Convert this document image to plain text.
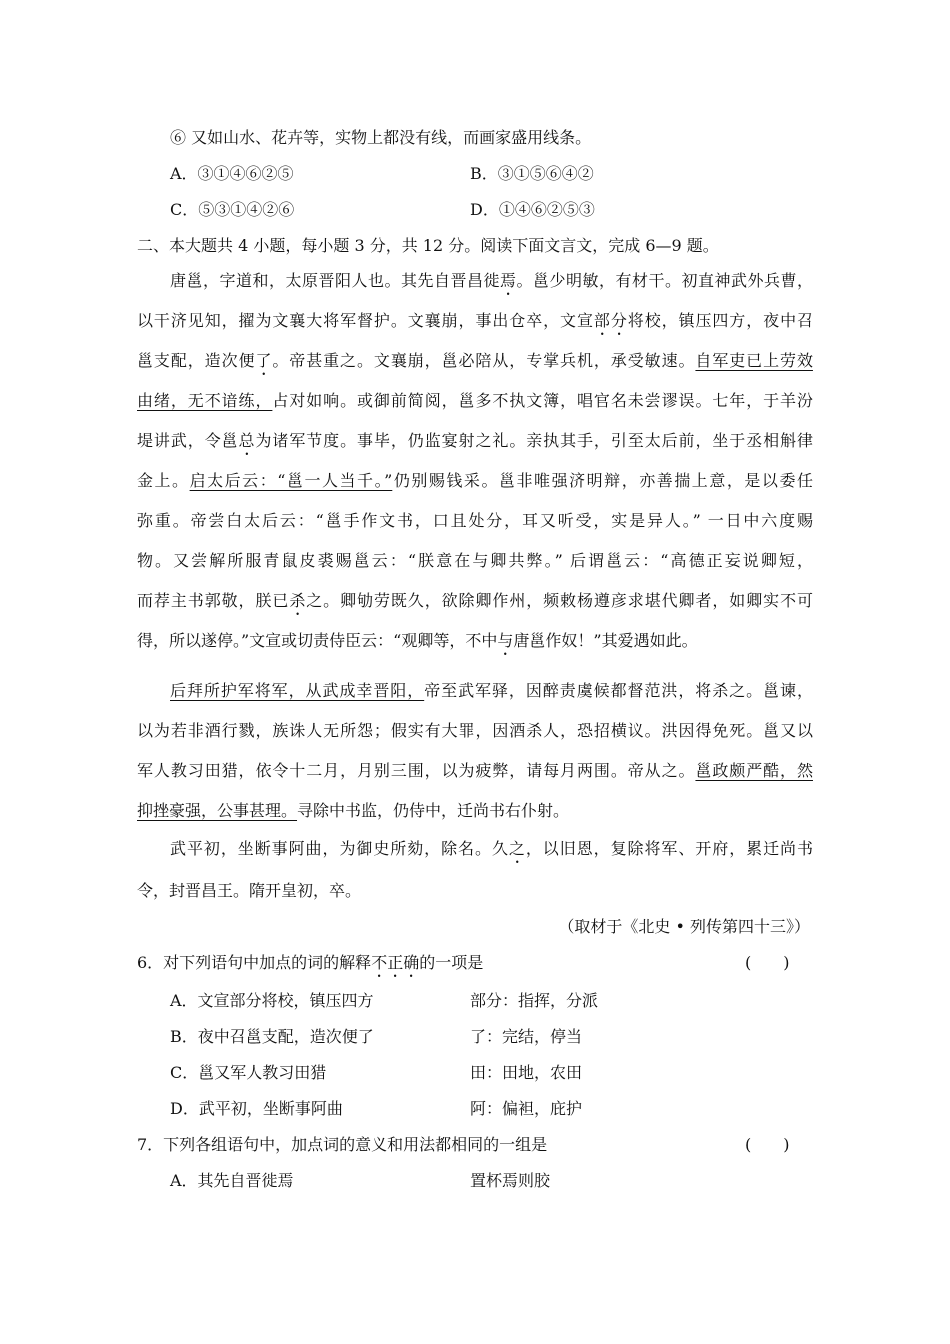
⑥ 又如山水、花卉等，实物上都没有线，而画家盛用线条。
A．③①④⑥②⑤	B．③①⑤⑥④②
C．⑤③①④②⑥	D．①④⑥②⑤③
二、本大题共 4 小题，每小题 3 分，共 12 分。阅读下面文言文，完成 6—9 题。
唐邕，字道和，太原晋阳人也。其先自晋昌徙焉。邕少明敏，有材干。初直神武外兵曹，
以干济见知，擢为文襄大将军督护。文襄崩，事出仓卒，文宣部分将校，镇压四方，夜中召
邕支配，造次便了。帝甚重之。文襄崩，邕必陪从，专掌兵机，承受敏速。自军吏已上劳效
由绪，无不谙练，占对如响。或御前简阅，邕多不执文簿，唱官名未尝谬误。七年，于羊汾
堤讲武，令邕总为诸军节度。事毕，仍监宴射之礼。亲执其手，引至太后前，坐于丞相斛律
金上。启太后云：“邕一人当千。”仍别赐钱采。邕非唯强济明辩，亦善揣上意，是以委任
弥重。帝尝白太后云：“邕手作文书，口且处分，耳又听受，实是异人。” 一日中六度赐
物。又尝解所服青鼠皮裘赐邕云：“朕意在与卿共弊。” 后谓邕云：“高德正妄说卿短，
而荐主书郭敬，朕已杀之。卿劬劳既久，欲除卿作州，频敕杨遵彦求堪代卿者，如卿实不可
得，所以遂停。”文宣或切责侍臣云：“观卿等，不中与唐邕作奴！”其爱遇如此。
后拜所护军将军，从武成幸晋阳，帝至武军驿，因醉责虞候都督范洪，将杀之。邕谏，
以为若非酒行戮，族诛人无所怨；假实有大罪，因酒杀人，恐招横议。洪因得免死。邕又以
军人教习田猎，依令十二月，月别三围，以为疲弊，请每月两围。帝从之。邕政颇严酷，然
抑挫豪强，公事甚理。寻除中书监，仍侍中，迁尚书右仆射。
武平初，坐断事阿曲，为御史所劾，除名。久之，以旧恩，复除将军、开府，累迁尚书
令，封晋昌王。隋开皇初，卒。
（取材于《北史 • 列传第四十三》）
6．对下列语句中加点的词的解释不正确的一项是	(　　)
A．文宣部分将校，镇压四方	部分：指挥，分派
B．夜中召邕支配，造次便了	了：完结，停当
C．邕又军人教习田猎	田：田地，农田
D．武平初，坐断事阿曲	阿：偏袒，庇护
7．下列各组语句中，加点词的意义和用法都相同的一组是	(　　)
A．其先自晋徙焉	置杯焉则胶
